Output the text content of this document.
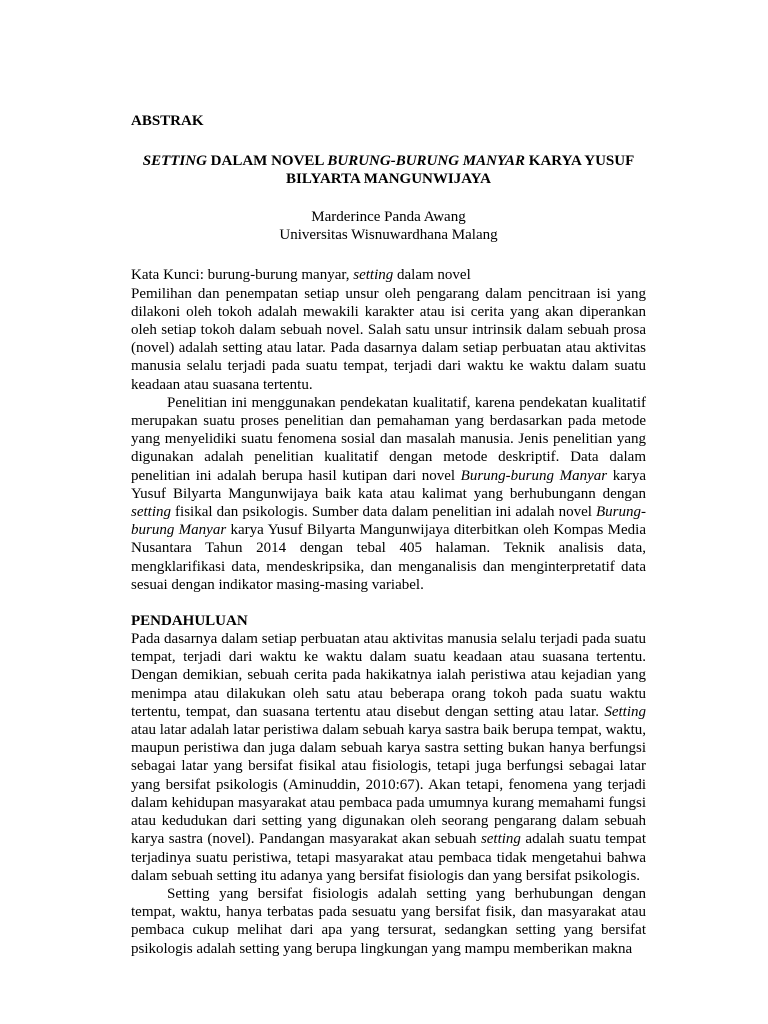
ABSTRAK
SETTING DALAM NOVEL BURUNG-BURUNG MANYAR KARYA YUSUF
BILYARTA MANGUNWIJAYA

Marderince Panda Awang

Universitas Wisnuwardhana Malang

Kata Kunci: burung-burung manyar, setting dalam novel

Pemilihan dan penempatan setiap unsur oleh pengarang dalam pencitraan isi yang dilakoni oleh tokoh adalah mewakili karakter atau isi cerita yang akan diperankan oleh setiap tokoh dalam sebuah novel. Salah satu unsur intrinsik dalam sebuah prosa (novel) adalah setting atau latar. Pada dasarnya dalam setiap perbuatan atau aktivitas manusia selalu terjadi pada suatu tempat, terjadi dari waktu ke waktu dalam suatu keadaan atau suasana tertentu.

Penelitian ini menggunakan pendekatan kualitatif, karena pendekatan kualitatif merupakan suatu proses penelitian dan pemahaman yang berdasarkan pada metode yang menyelidiki suatu fenomena sosial dan masalah manusia. Jenis penelitian yang digunakan adalah penelitian kualitatif dengan metode deskriptif. Data dalam penelitian ini adalah berupa hasil kutipan dari novel Burung-burung Manyar karya Yusuf Bilyarta Mangunwijaya baik kata atau kalimat yang berhubungann dengan setting fisikal dan psikologis. Sumber data dalam penelitian ini adalah novel Burung-burung Manyar karya Yusuf Bilyarta Mangunwijaya diterbitkan oleh Kompas Media Nusantara Tahun 2014 dengan tebal 405 halaman. Teknik analisis data, mengklarifikasi data, mendeskripsika, dan menganalisis dan menginterpretatif data sesuai dengan indikator masing-masing variabel.

PENDAHULUAN

Pada dasarnya dalam setiap perbuatan atau aktivitas manusia selalu terjadi pada suatu tempat, terjadi dari waktu ke waktu dalam suatu keadaan atau suasana tertentu. Dengan demikian, sebuah cerita pada hakikatnya ialah peristiwa atau kejadian yang menimpa atau dilakukan oleh satu atau beberapa orang tokoh pada suatu waktu tertentu, tempat, dan suasana tertentu atau disebut dengan setting atau latar. Setting atau latar adalah latar peristiwa dalam sebuah karya sastra baik berupa tempat, waktu, maupun peristiwa dan juga dalam sebuah karya sastra setting bukan hanya berfungsi sebagai latar yang bersifat fisikal atau fisiologis, tetapi juga berfungsi sebagai latar yang bersifat psikologis (Aminuddin, 2010:67). Akan tetapi, fenomena yang terjadi dalam kehidupan masyarakat atau pembaca pada umumnya kurang memahami fungsi atau kedudukan dari setting yang digunakan oleh seorang pengarang dalam sebuah karya sastra (novel). Pandangan masyarakat akan sebuah setting adalah suatu tempat terjadinya suatu peristiwa, tetapi masyarakat atau pembaca tidak mengetahui bahwa dalam sebuah setting itu adanya yang bersifat fisiologis dan yang bersifat psikologis.

Setting yang bersifat fisiologis adalah setting yang berhubungan dengan tempat, waktu, hanya terbatas pada sesuatu yang bersifat fisik, dan masyarakat atau pembaca cukup melihat dari apa yang tersurat, sedangkan setting yang bersifat psikologis adalah setting yang berupa lingkungan yang mampu memberikan makna
